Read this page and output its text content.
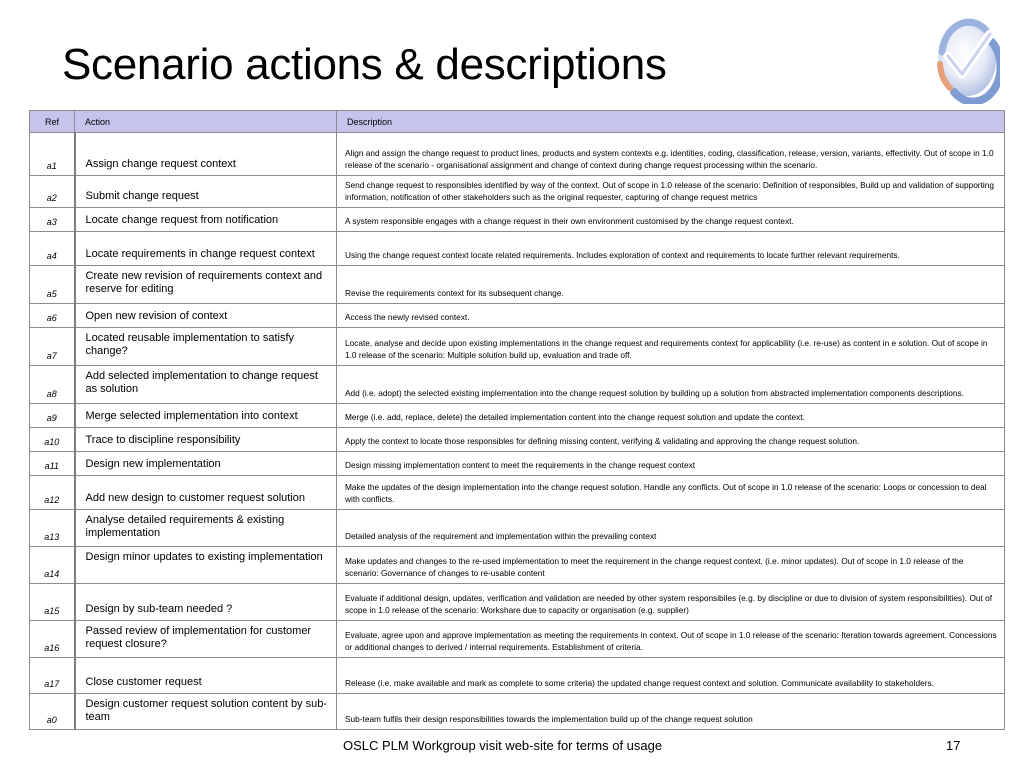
Scenario actions & descriptions
Ref	Action	Description
a1	Assign change request context	Align and assign the change request to product lines, products and system contexts e.g. identities, coding, classification, release, version, variants, effectivity. Out of scope in 1.0 release of the scenario - organisational assignment and change of context during change request processing within the scenario.
a2	Submit change request	Send change request to responsibles identified by way of the context. Out of scope in 1.0 release of the scenario: Definition of responsibles, Build up and validation of supporting information, notification of other stakeholders such as the original requester, capturing of change request metrics
a3	Locate change request from notification	A system responsible engages with a change request in their own environment customised by the change request context.
a4	Locate requirements in change request context	Using the change request context locate related requirements. Includes exploration of context and requirements to locate further relevant requirements.
a5	Create new revision of requirements context and reserve for editing	Revise the requirements context for its subsequent change.
a6	Open new revision of context	Access the newly revised context.
a7	Located reusable implementation to satisfy change?	Locate, analyse and decide upon existing implementations in the change request and requirements context for applicability (i.e. re-use) as content in e solution. Out of scope in 1.0 release of the scenario: Multiple solution build up, evaluation and trade off.
a8	Add selected implementation to change request as solution	Add (i.e. adopt) the selected existing implementation into the change request solution by building up a solution from abstracted implementation components descriptions.
a9	Merge selected implementation into context	Merge (i.e. add, replace, delete) the detailed implementation content into the change request solution and update the context.
a10	Trace to discipline responsibility	Apply the context to locate those responsibles for defining missing content, verifying & validating and approving the change request solution.
a11	Design new implementation	Design missing implementation content to meet the requirements in the change request context
a12	Add new design to customer request solution	Make the updates of the design implementation into the change request solution. Handle any conflicts. Out of scope in 1.0 release of the scenario: Loops or concession to deal with conflicts.
a13	Analyse detailed requirements & existing implementation	Detailed analysis of the requirement and implementation within the prevailing context
a14	Design minor updates to existing implementation	Make updates and changes to the re-used implementation to meet the requirement in the change request context. (i.e. minor updates). Out of scope in 1.0 release of the scenario: Governance of changes to re-usable content
a15	Design by sub-team needed ?	Evaluate if additional design, updates, verification and validation are needed by other system responsibiles (e.g. by discipline or due to division of system responsibilities). Out of scope in 1.0 release of the scenario: Workshare due to capacity or organisation (e.g. supplier)
a16	Passed review of implementation for customer request closure?	Evaluate, agree upon and approve implementation as meeting the requirements in context. Out of scope in 1.0 release of the scenario: Iteration towards agreement. Concessions or additional changes to derived / internal requirements. Establishment of criteria.
a17	Close customer request	Release (i.e. make available and mark as complete to some criteria) the updated change request context and solution. Communicate availability to stakeholders.
a0	Design customer request solution content by sub-team	Sub-team fulfils their design responsibilities towards the implementation build up of the change request solution
OSLC PLM Workgroup visit web-site for terms of usage	17
